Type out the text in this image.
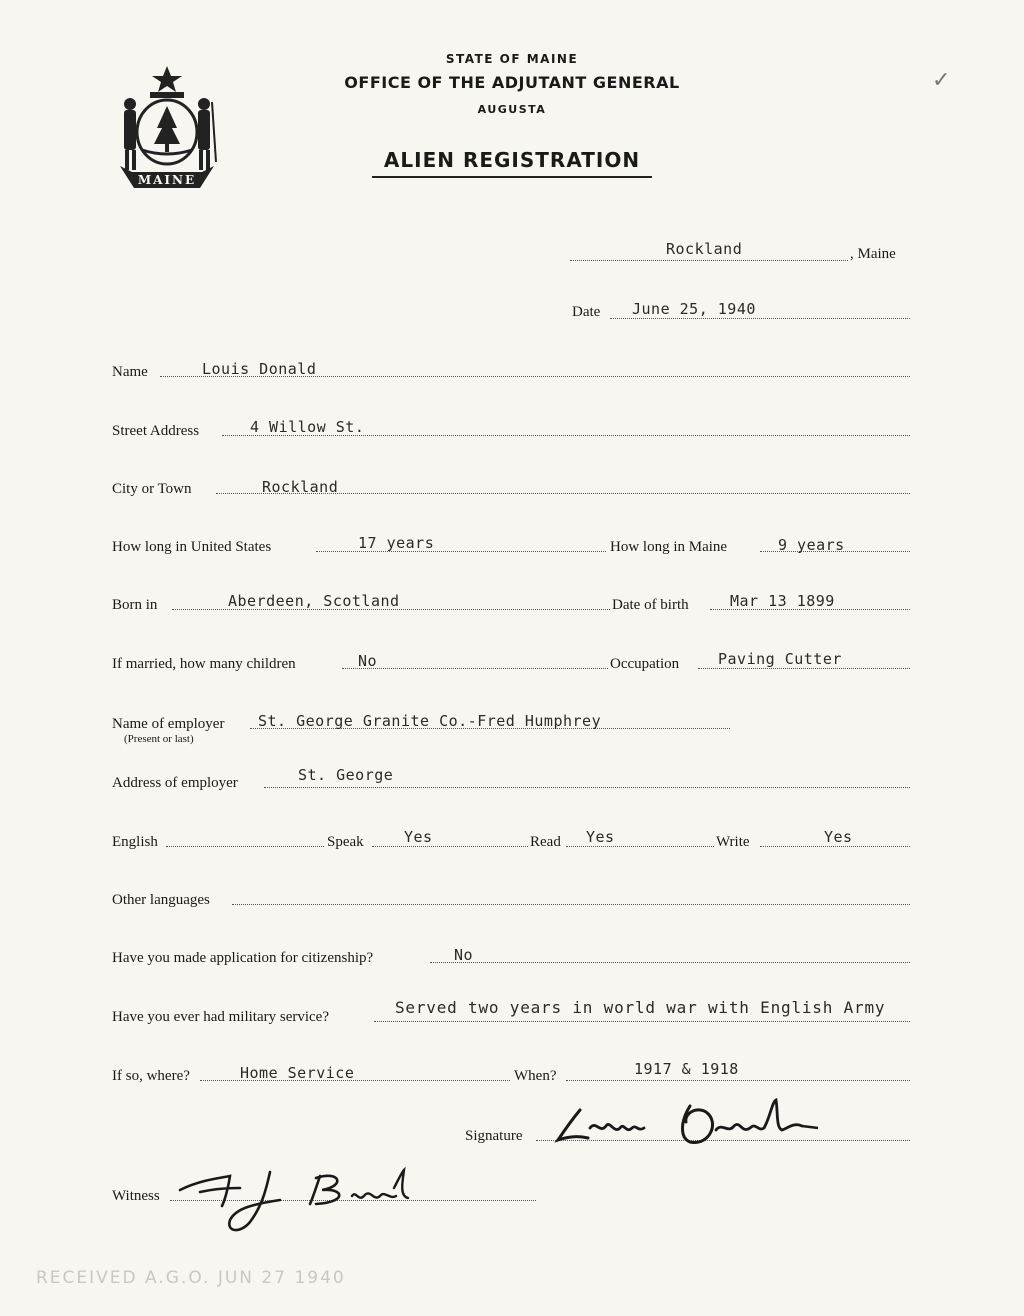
MAINE
STATE OF MAINE
OFFICE OF THE ADJUTANT GENERAL
AUGUSTA
ALIEN REGISTRATION
✓
Rockland	, Maine
Date June 25, 1940
Name	Louis Donald
Street Address	4 Willow St.
City or Town	Rockland
How long in United States	17 years	How long in Maine	9 years
Born in	Aberdeen, Scotland	Date of birth	Mar 13 1899
If married, how many children	No	Occupation	Paving Cutter
Name of employer
(Present or last)
St. George Granite Co.-Fred Humphrey
Address of employer	St. George
English	Speak	Yes	Read Yes	Write	Yes
Other languages
Have you made application for citizenship?	No
Have you ever had military service?	Served two years in world war with English Army
If so, where?	Home Service	When?	1917 & 1918
Signature
Witness
RECEIVED A.G.O. JUN 27 1940
